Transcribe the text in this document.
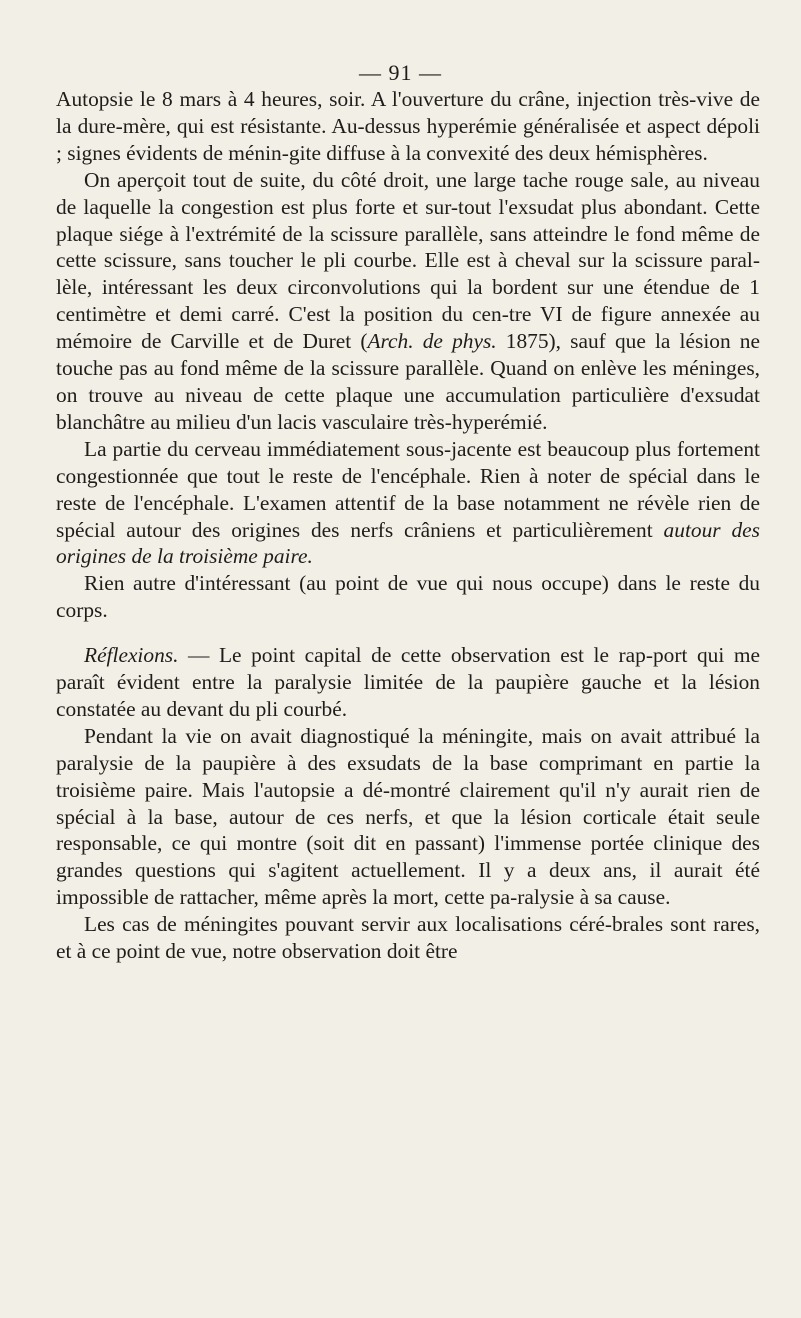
— 91 —

Autopsie le 8 mars à 4 heures, soir. A l'ouverture du crâne, injection très-vive de la dure-mère, qui est résistante. Au-dessus hyperémie généralisée et aspect dépoli ; signes évidents de ménin-gite diffuse à la convexité des deux hémisphères.

On aperçoit tout de suite, du côté droit, une large tache rouge sale, au niveau de laquelle la congestion est plus forte et sur-tout l'exsudat plus abondant. Cette plaque siége à l'extrémité de la scissure parallèle, sans atteindre le fond même de cette scissure, sans toucher le pli courbe. Elle est à cheval sur la scissure paral-lèle, intéressant les deux circonvolutions qui la bordent sur une étendue de 1 centimètre et demi carré. C'est la position du cen-tre VI de figure annexée au mémoire de Carville et de Duret (Arch. de phys. 1875), sauf que la lésion ne touche pas au fond même de la scissure parallèle. Quand on enlève les méninges, on trouve au niveau de cette plaque une accumulation particulière d'exsudat blanchâtre au milieu d'un lacis vasculaire très-hyperémié.

La partie du cerveau immédiatement sous-jacente est beaucoup plus fortement congestionnée que tout le reste de l'encéphale. Rien à noter de spécial dans le reste de l'encéphale. L'examen attentif de la base notamment ne révèle rien de spécial autour des origines des nerfs crâniens et particulièrement autour des origines de la troisième paire.

Rien autre d'intéressant (au point de vue qui nous occupe) dans le reste du corps.

Réflexions. — Le point capital de cette observation est le rap-port qui me paraît évident entre la paralysie limitée de la paupière gauche et la lésion constatée au devant du pli courbé.

Pendant la vie on avait diagnostiqué la méningite, mais on avait attribué la paralysie de la paupière à des exsudats de la base comprimant en partie la troisième paire. Mais l'autopsie a dé-montré clairement qu'il n'y aurait rien de spécial à la base, autour de ces nerfs, et que la lésion corticale était seule responsable, ce qui montre (soit dit en passant) l'immense portée clinique des grandes questions qui s'agitent actuellement. Il y a deux ans, il aurait été impossible de rattacher, même après la mort, cette pa-ralysie à sa cause.

Les cas de méningites pouvant servir aux localisations céré-brales sont rares, et à ce point de vue, notre observation doit être
